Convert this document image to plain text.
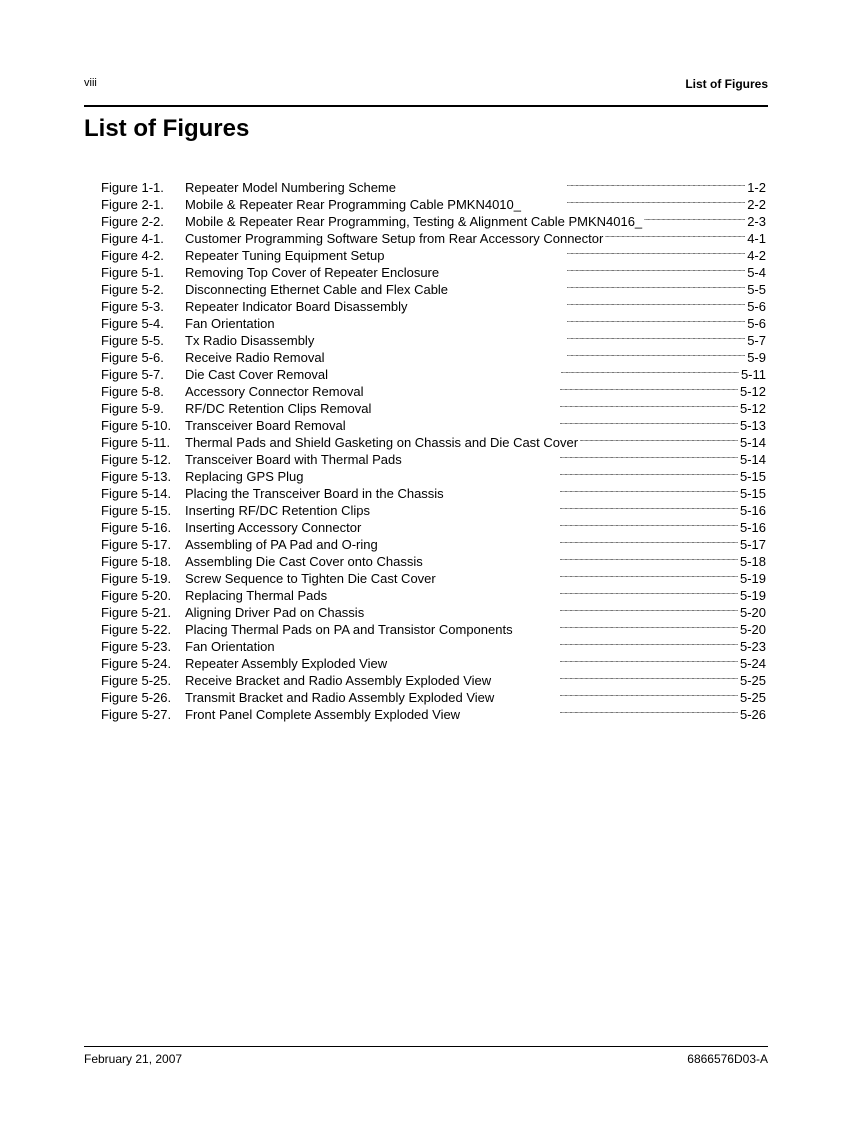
viii	List of Figures
List of Figures
Figure 1-1.	Repeater Model Numbering Scheme . . .	1-2
Figure 2-1.	Mobile & Repeater Rear Programming Cable PMKN4010_ . . .	2-2
Figure 2-2.	Mobile & Repeater Rear Programming, Testing & Alignment Cable PMKN4016_ . . .	2-3
Figure 4-1.	Customer Programming Software Setup from Rear Accessory Connector . . .	4-1
Figure 4-2.	Repeater Tuning Equipment Setup . . .	4-2
Figure 5-1.	Removing Top Cover of Repeater Enclosure . . .	5-4
Figure 5-2.	Disconnecting Ethernet Cable and Flex Cable . . .	5-5
Figure 5-3.	Repeater Indicator Board Disassembly . . .	5-6
Figure 5-4.	Fan Orientation . . .	5-6
Figure 5-5.	Tx Radio Disassembly . . .	5-7
Figure 5-6.	Receive Radio Removal . . .	5-9
Figure 5-7.	Die Cast Cover Removal . . .	5-11
Figure 5-8.	Accessory Connector Removal . . .	5-12
Figure 5-9.	RF/DC Retention Clips Removal . . .	5-12
Figure 5-10.	Transceiver Board Removal . . .	5-13
Figure 5-11.	Thermal Pads and Shield Gasketing on Chassis and Die Cast Cover . . .	5-14
Figure 5-12.	Transceiver Board with Thermal Pads . . .	5-14
Figure 5-13.	Replacing GPS Plug . . .	5-15
Figure 5-14.	Placing the Transceiver Board in the Chassis . . .	5-15
Figure 5-15.	Inserting RF/DC Retention Clips . . .	5-16
Figure 5-16.	Inserting Accessory Connector . . .	5-16
Figure 5-17.	Assembling of PA Pad and O-ring . . .	5-17
Figure 5-18.	Assembling Die Cast Cover onto Chassis . . .	5-18
Figure 5-19.	Screw Sequence to Tighten Die Cast Cover . . .	5-19
Figure 5-20.	Replacing Thermal Pads . . .	5-19
Figure 5-21.	Aligning Driver Pad on Chassis . . .	5-20
Figure 5-22.	Placing Thermal Pads on PA and Transistor Components . . .	5-20
Figure 5-23.	Fan Orientation . . .	5-23
Figure 5-24.	Repeater Assembly Exploded View . . .	5-24
Figure 5-25.	Receive Bracket and Radio Assembly Exploded View . . .	5-25
Figure 5-26.	Transmit Bracket and Radio Assembly Exploded View . . .	5-25
Figure 5-27.	Front Panel Complete Assembly Exploded View . . .	5-26
February 21, 2007	6866576D03-A
